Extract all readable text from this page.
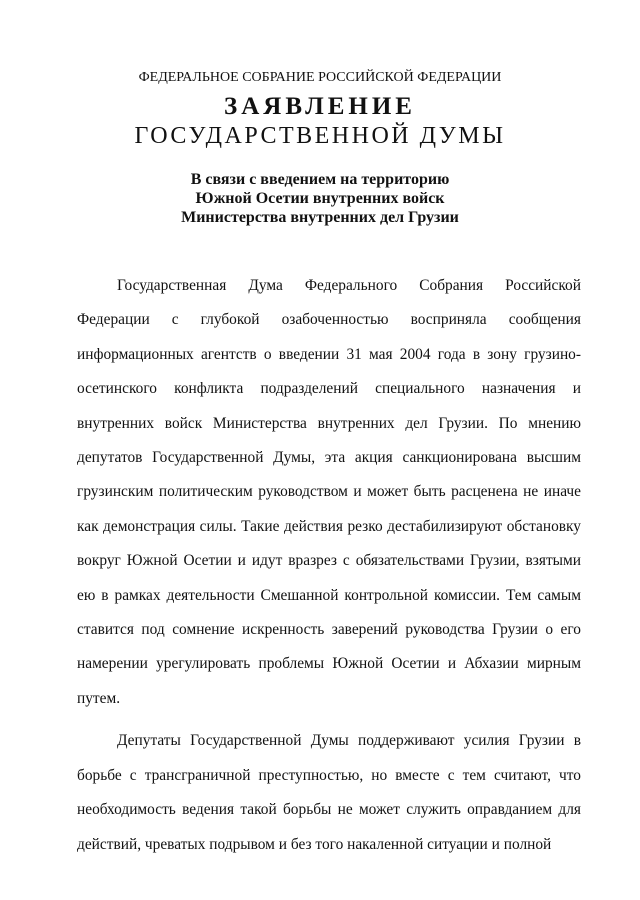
ФЕДЕРАЛЬНОЕ СОБРАНИЕ РОССИЙСКОЙ ФЕДЕРАЦИИ

ЗАЯВЛЕНИЕ

ГОСУДАРСТВЕННОЙ ДУМЫ

В связи с введением на территорию
Южной Осетии внутренних войск
Министерства внутренних дел Грузии

Государственная Дума Федерального Собрания Российской Федерации с глубокой озабоченностью восприняла сообщения информационных агентств о введении 31 мая 2004 года в зону грузино-осетинского конфликта подразделений специального назначения и внутренних войск Министерства внутренних дел Грузии. По мнению депутатов Государственной Думы, эта акция санкционирована высшим грузинским политическим руководством и может быть расценена не иначе как демонстрация силы. Такие действия резко дестабилизируют обстановку вокруг Южной Осетии и идут вразрез с обязательствами Грузии, взятыми ею в рамках деятельности Смешанной контрольной комиссии. Тем самым ставится под сомнение искренность заверений руководства Грузии о его намерении урегулировать проблемы Южной Осетии и Абхазии мирным путем.

Депутаты Государственной Думы поддерживают усилия Грузии в борьбе с трансграничной преступностью, но вместе с тем считают, что необходимость ведения такой борьбы не может служить оправданием для действий, чреватых подрывом и без того накаленной ситуации и полной
